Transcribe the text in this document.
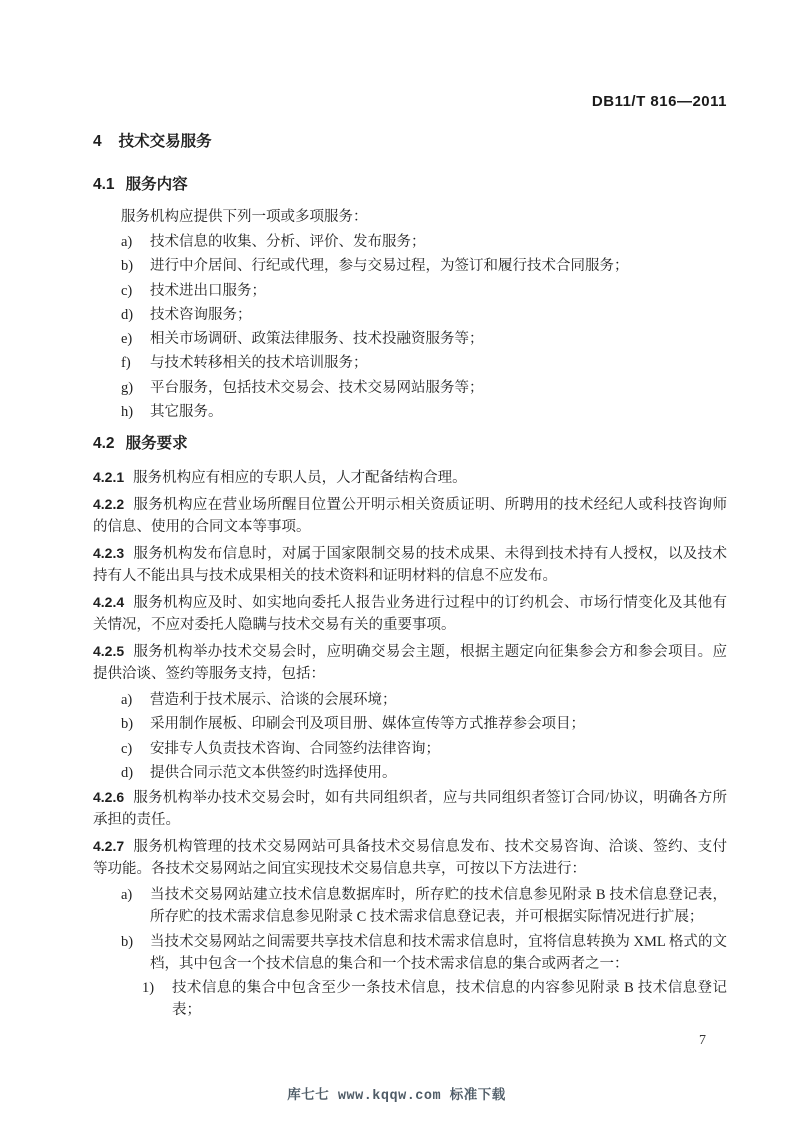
DB11/T 816—2011
4 技术交易服务
4.1 服务内容

服务机构应提供下列一项或多项服务：

a)	技术信息的收集、分析、评价、发布服务；
b)	进行中介居间、行纪或代理，参与交易过程，为签订和履行技术合同服务；
c)	技术进出口服务；
d)	技术咨询服务；
e)	相关市场调研、政策法律服务、技术投融资服务等；
f)	与技术转移相关的技术培训服务；
g)	平台服务，包括技术交易会、技术交易网站服务等；
h)	其它服务。
4.2 服务要求

4.2.1 服务机构应有相应的专职人员，人才配备结构合理。

4.2.2 服务机构应在营业场所醒目位置公开明示相关资质证明、所聘用的技术经纪人或科技咨询师的信息、使用的合同文本等事项。

4.2.3 服务机构发布信息时，对属于国家限制交易的技术成果、未得到技术持有人授权，以及技术持有人不能出具与技术成果相关的技术资料和证明材料的信息不应发布。

4.2.4 服务机构应及时、如实地向委托人报告业务进行过程中的订约机会、市场行情变化及其他有关情况，不应对委托人隐瞒与技术交易有关的重要事项。

4.2.5 服务机构举办技术交易会时，应明确交易会主题，根据主题定向征集参会方和参会项目。应提供洽谈、签约等服务支持，包括：

a)	营造利于技术展示、洽谈的会展环境；
b)	采用制作展板、印刷会刊及项目册、媒体宣传等方式推荐参会项目；
c)	安排专人负责技术咨询、合同签约法律咨询；
d)	提供合同示范文本供签约时选择使用。

4.2.6 服务机构举办技术交易会时，如有共同组织者，应与共同组织者签订合同/协议，明确各方所承担的责任。

4.2.7 服务机构管理的技术交易网站可具备技术交易信息发布、技术交易咨询、洽谈、签约、支付等功能。各技术交易网站之间宜实现技术交易信息共享，可按以下方法进行：

a)	当技术交易网站建立技术信息数据库时，所存贮的技术信息参见附录 B 技术信息登记表，所存贮的技术需求信息参见附录 C 技术需求信息登记表，并可根据实际情况进行扩展；
b)	当技术交易网站之间需要共享技术信息和技术需求信息时，宜将信息转换为 XML 格式的文档，其中包含一个技术信息的集合和一个技术需求信息的集合或两者之一：
1)	技术信息的集合中包含至少一条技术信息，技术信息的内容参见附录 B 技术信息登记表；
7
库七七 www.kqqw.com 标准下载
